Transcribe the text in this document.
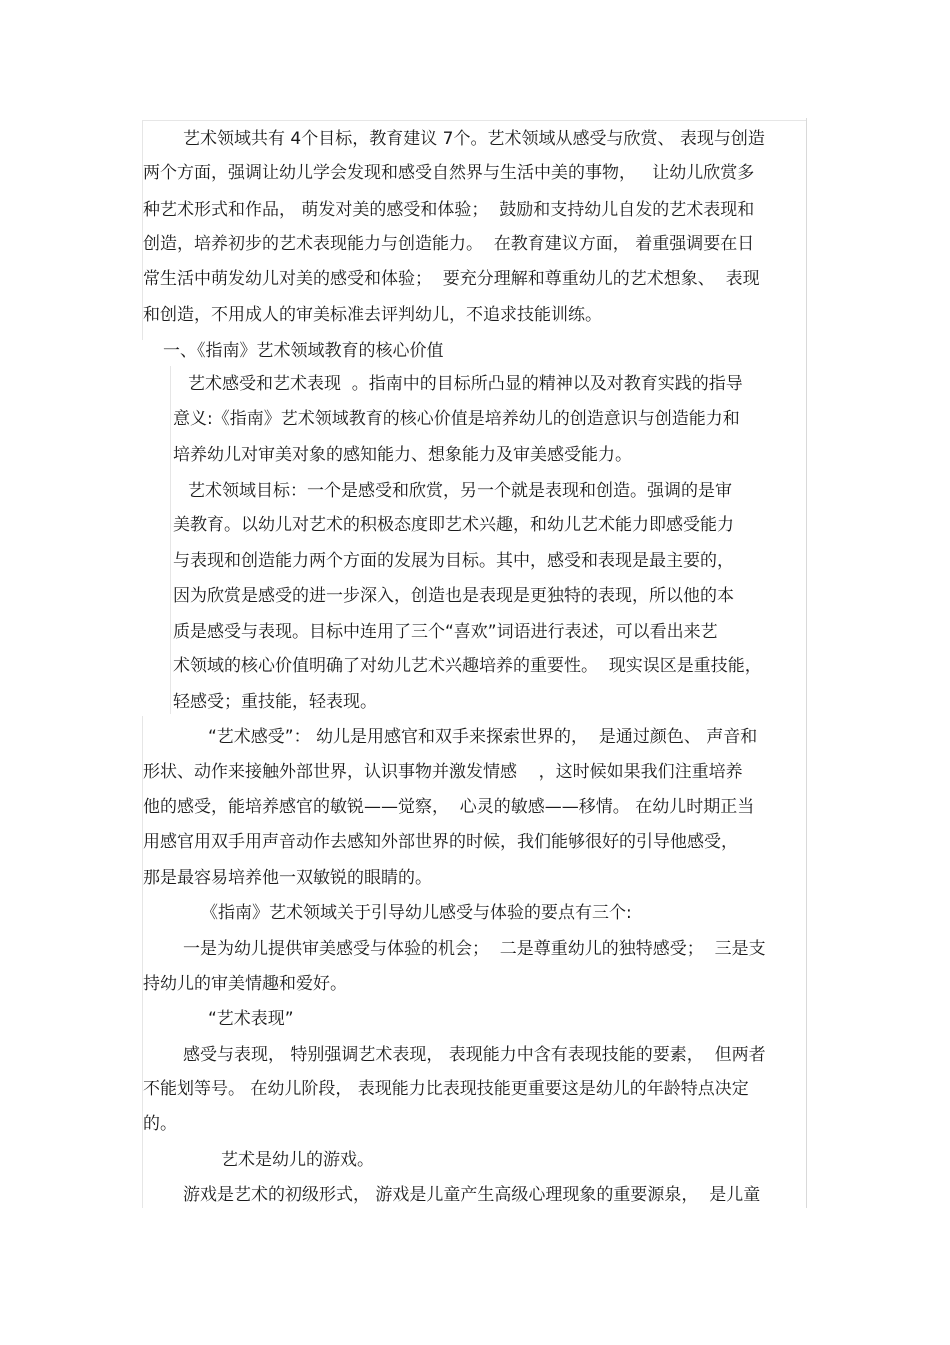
艺术领域共有 4个目标，教育建议 7个。艺术领域从感受与欣赏、 表现与创造
两个方面，强调让幼儿学会发现和感受自然界与生活中美的事物，   让幼儿欣赏多
种艺术形式和作品， 萌发对美的感受和体验；  鼓励和支持幼儿自发的艺术表现和
创造，培养初步的艺术表现能力与创造能力。  在教育建议方面， 着重强调要在日
常生活中萌发幼儿对美的感受和体验；  要充分理解和尊重幼儿的艺术想象、  表现
和创造，不用成人的审美标准去评判幼儿，不追求技能训练。
一、《指南》艺术领域教育的核心价值
艺术感受和艺术表现  。指南中的目标所凸显的精神以及对教育实践的指导
意义:《指南》艺术领域教育的核心价值是培养幼儿的创造意识与创造能力和
培养幼儿对审美对象的感知能力、想象能力及审美感受能力。
艺术领域目标：一个是感受和欣赏，另一个就是表现和创造。强调的是审
美教育。以幼儿对艺术的积极态度即艺术兴趣，和幼儿艺术能力即感受能力
与表现和创造能力两个方面的发展为目标。其中，感受和表现是最主要的，
因为欣赏是感受的进一步深入，创造也是表现是更独特的表现，所以他的本
质是感受与表现。目标中连用了三个“喜欢”词语进行表述，可以看出来艺
术领域的核心价值明确了对幼儿艺术兴趣培养的重要性。  现实误区是重技能，
轻感受；重技能，轻表现。
“艺术感受”： 幼儿是用感官和双手来探索世界的，  是通过颜色、 声音和
形状、动作来接触外部世界，认识事物并激发情感    ，这时候如果我们注重培养
他的感受，能培养感官的敏锐——觉察，  心灵的敏感——移情。 在幼儿时期正当
用感官用双手用声音动作去感知外部世界的时候，我们能够很好的引导他感受，
那是最容易培养他一双敏锐的眼睛的。
《指南》艺术领域关于引导幼儿感受与体验的要点有三个:
一是为幼儿提供审美感受与体验的机会；  二是尊重幼儿的独特感受；  三是支
持幼儿的审美情趣和爱好。
“艺术表现”
感受与表现， 特别强调艺术表现， 表现能力中含有表现技能的要素，  但两者
不能划等号。 在幼儿阶段， 表现能力比表现技能更重要这是幼儿的年龄特点决定
的。
艺术是幼儿的游戏。
游戏是艺术的初级形式， 游戏是儿童产生高级心理现象的重要源泉，  是儿童
